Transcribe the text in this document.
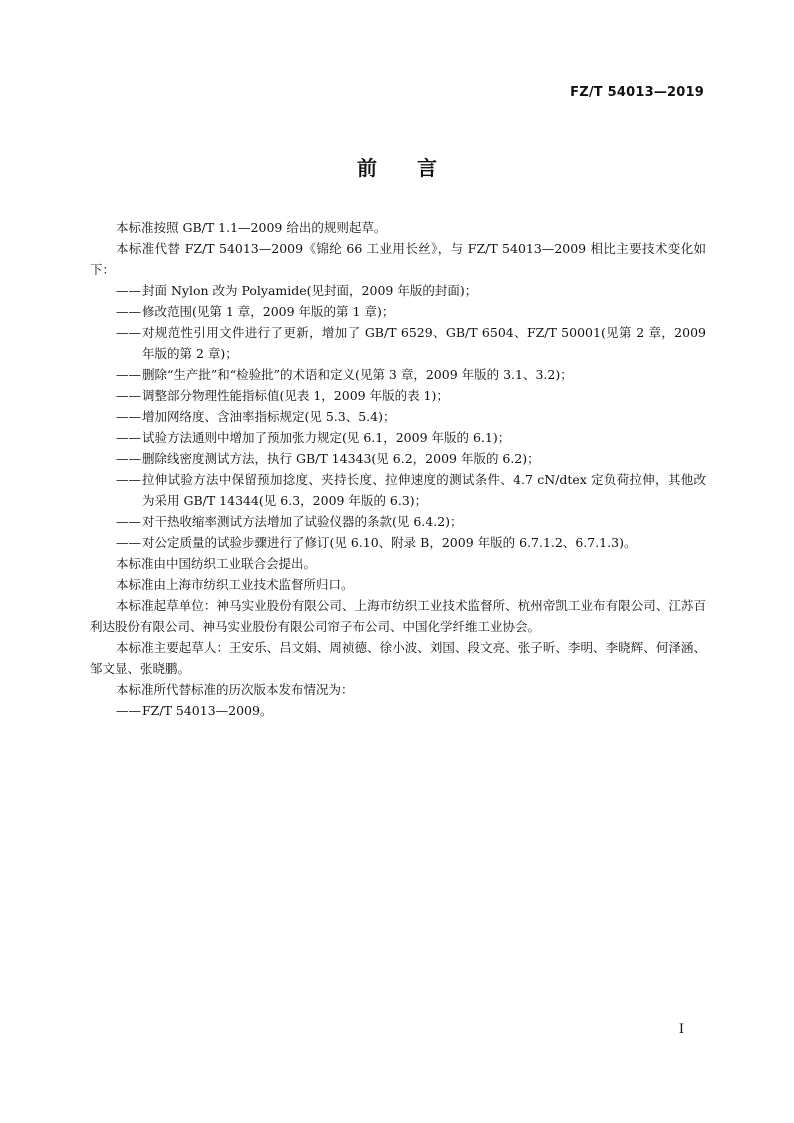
FZ/T 54013—2019
前　　言

本标准按照 GB/T 1.1—2009 给出的规则起草。

本标准代替 FZ/T 54013—2009《锦纶 66 工业用长丝》，与 FZ/T 54013—2009 相比主要技术变化如下：

—— 封面 Nylon 改为 Polyamide(见封面，2009 年版的封面)；
—— 修改范围(见第 1 章，2009 年版的第 1 章)；
—— 对规范性引用文件进行了更新，增加了 GB/T 6529、GB/T 6504、FZ/T 50001(见第 2 章，2009 年版的第 2 章)；
—— 删除“生产批”和“检验批”的术语和定义(见第 3 章，2009 年版的 3.1、3.2)；
—— 调整部分物理性能指标值(见表 1，2009 年版的表 1)；
—— 增加网络度、含油率指标规定(见 5.3、5.4)；
—— 试验方法通则中增加了预加张力规定(见 6.1，2009 年版的 6.1)；
—— 删除线密度测试方法，执行 GB/T 14343(见 6.2，2009 年版的 6.2)；
—— 拉伸试验方法中保留预加捻度、夹持长度、拉伸速度的测试条件、4.7 cN/dtex 定负荷拉伸，其他改为采用 GB/T 14344(见 6.3，2009 年版的 6.3)；
—— 对干热收缩率测试方法增加了试验仪器的条款(见 6.4.2)；
—— 对公定质量的试验步骤进行了修订(见 6.10、附录 B，2009 年版的 6.7.1.2、6.7.1.3)。

本标准由中国纺织工业联合会提出。

本标准由上海市纺织工业技术监督所归口。

本标准起草单位：神马实业股份有限公司、上海市纺织工业技术监督所、杭州帝凯工业布有限公司、江苏百利达股份有限公司、神马实业股份有限公司帘子布公司、中国化学纤维工业协会。

本标准主要起草人：王安乐、吕文娟、周祯德、徐小波、刘国、段文亮、张子昕、李明、李晓辉、何泽涵、邹文显、张晓鹏。

本标准所代替标准的历次版本发布情况为：

—— FZ/T 54013—2009。
I
